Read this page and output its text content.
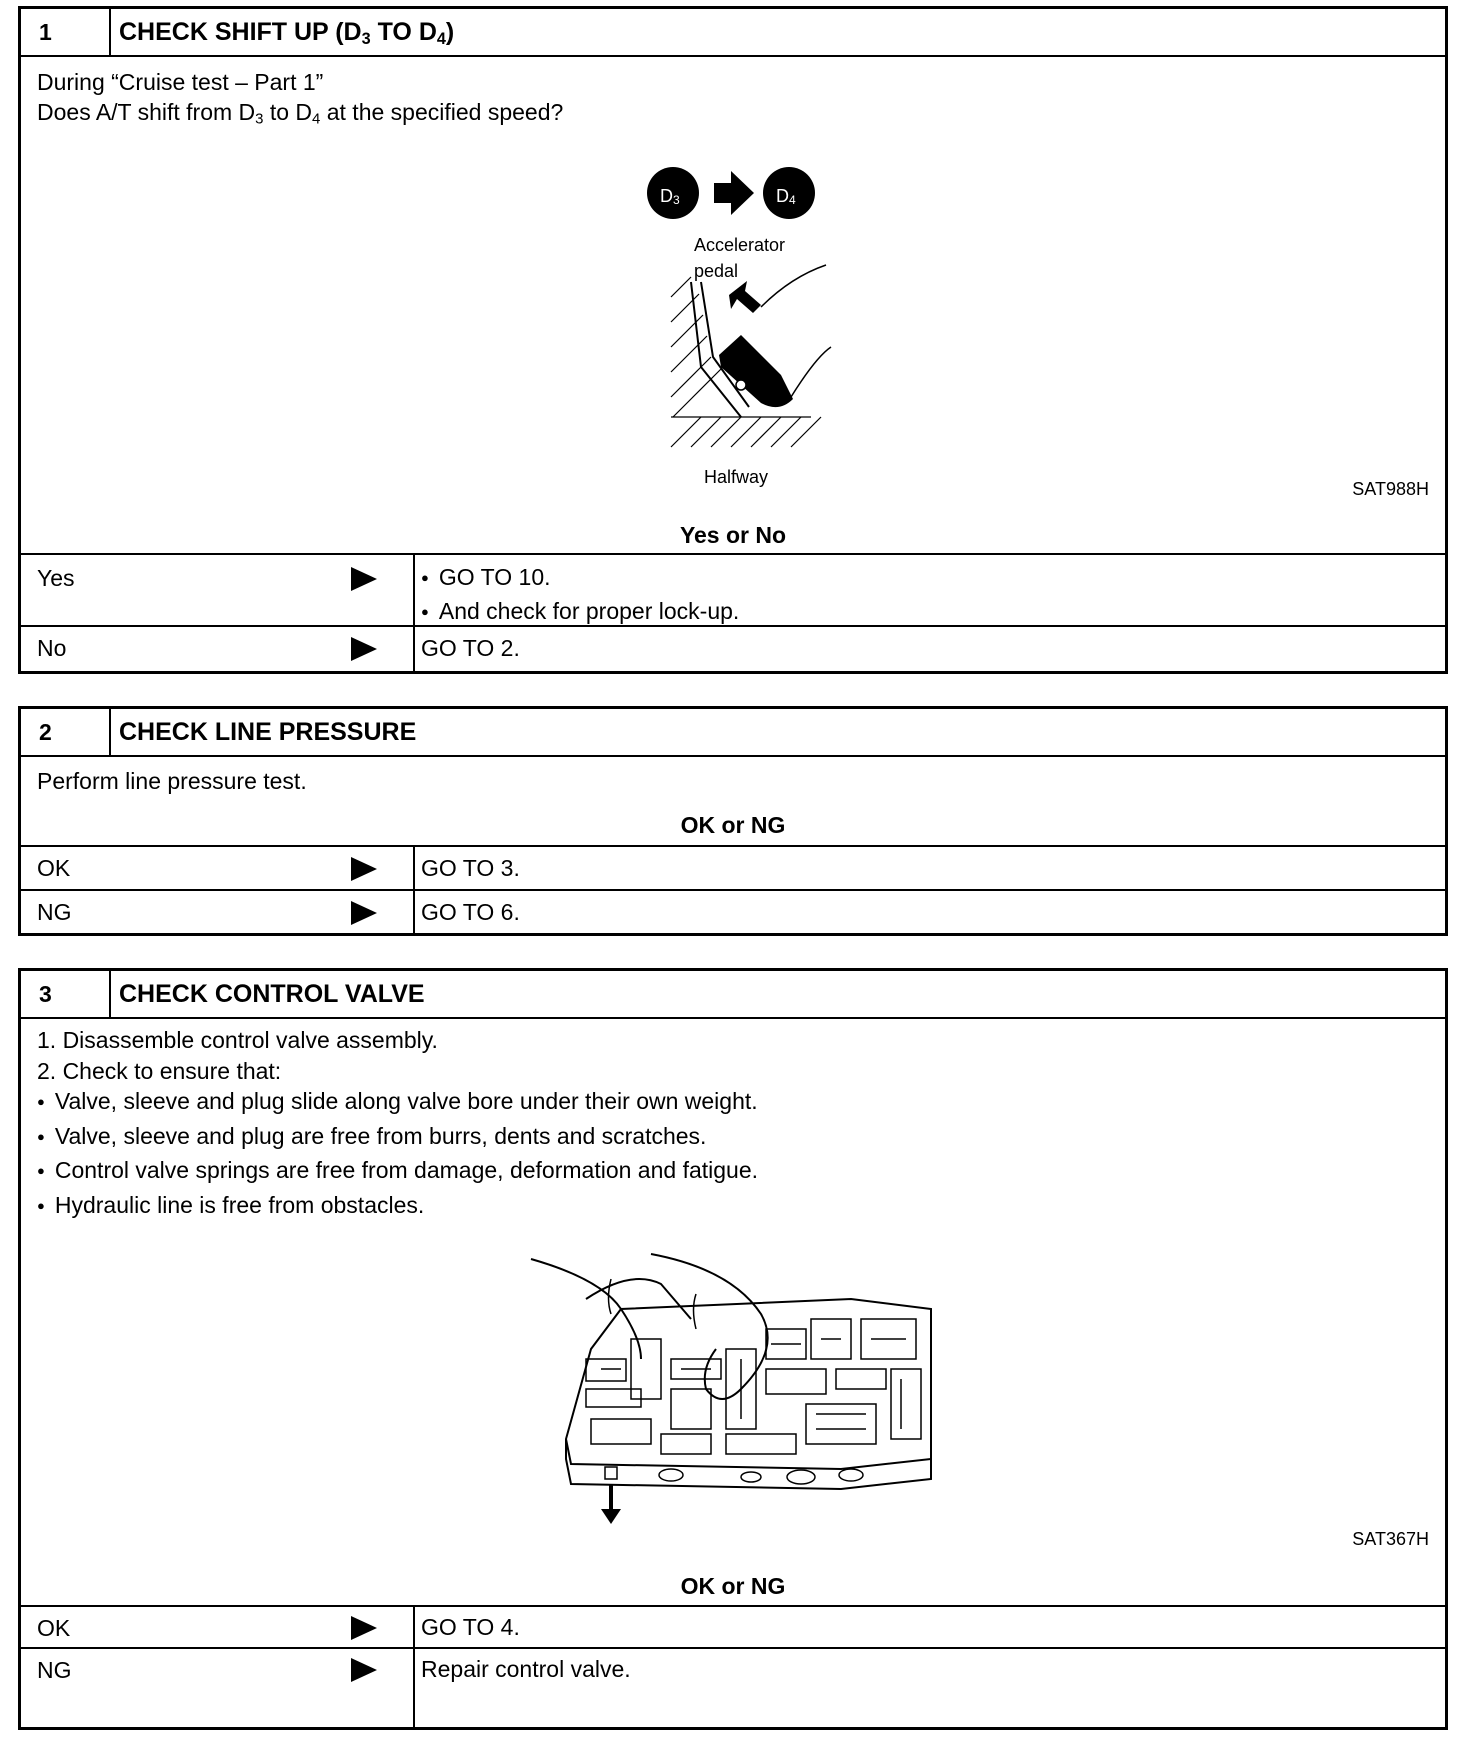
1	CHECK SHIFT UP ($D_3$ TO $D_4$)
During “Cruise test – Part 1”
Does A/T shift from $D_3$ to $D_4$ at the specified speed?
D3	D4
Accelerator
pedal
Halfway
SAT988H
Yes or No
Yes
●	GO TO 10.
● And check for proper lock-up.
No	GO TO 2.
2	CHECK LINE PRESSURE
Perform line pressure test.
OK or NG
OK	GO TO 3.
NG	GO TO 6.
3	CHECK CONTROL VALVE
1. Disassemble control valve assembly.
2. Check to ensure that:
● Valve, sleeve and plug slide along valve bore under their own weight.
● Valve, sleeve and plug are free from burrs, dents and scratches.
● Control valve springs are free from damage, deformation and fatigue.
● Hydraulic line is free from obstacles.
SAT367H
OK or NG
OK	GO TO 4.
NG	Repair control valve.
